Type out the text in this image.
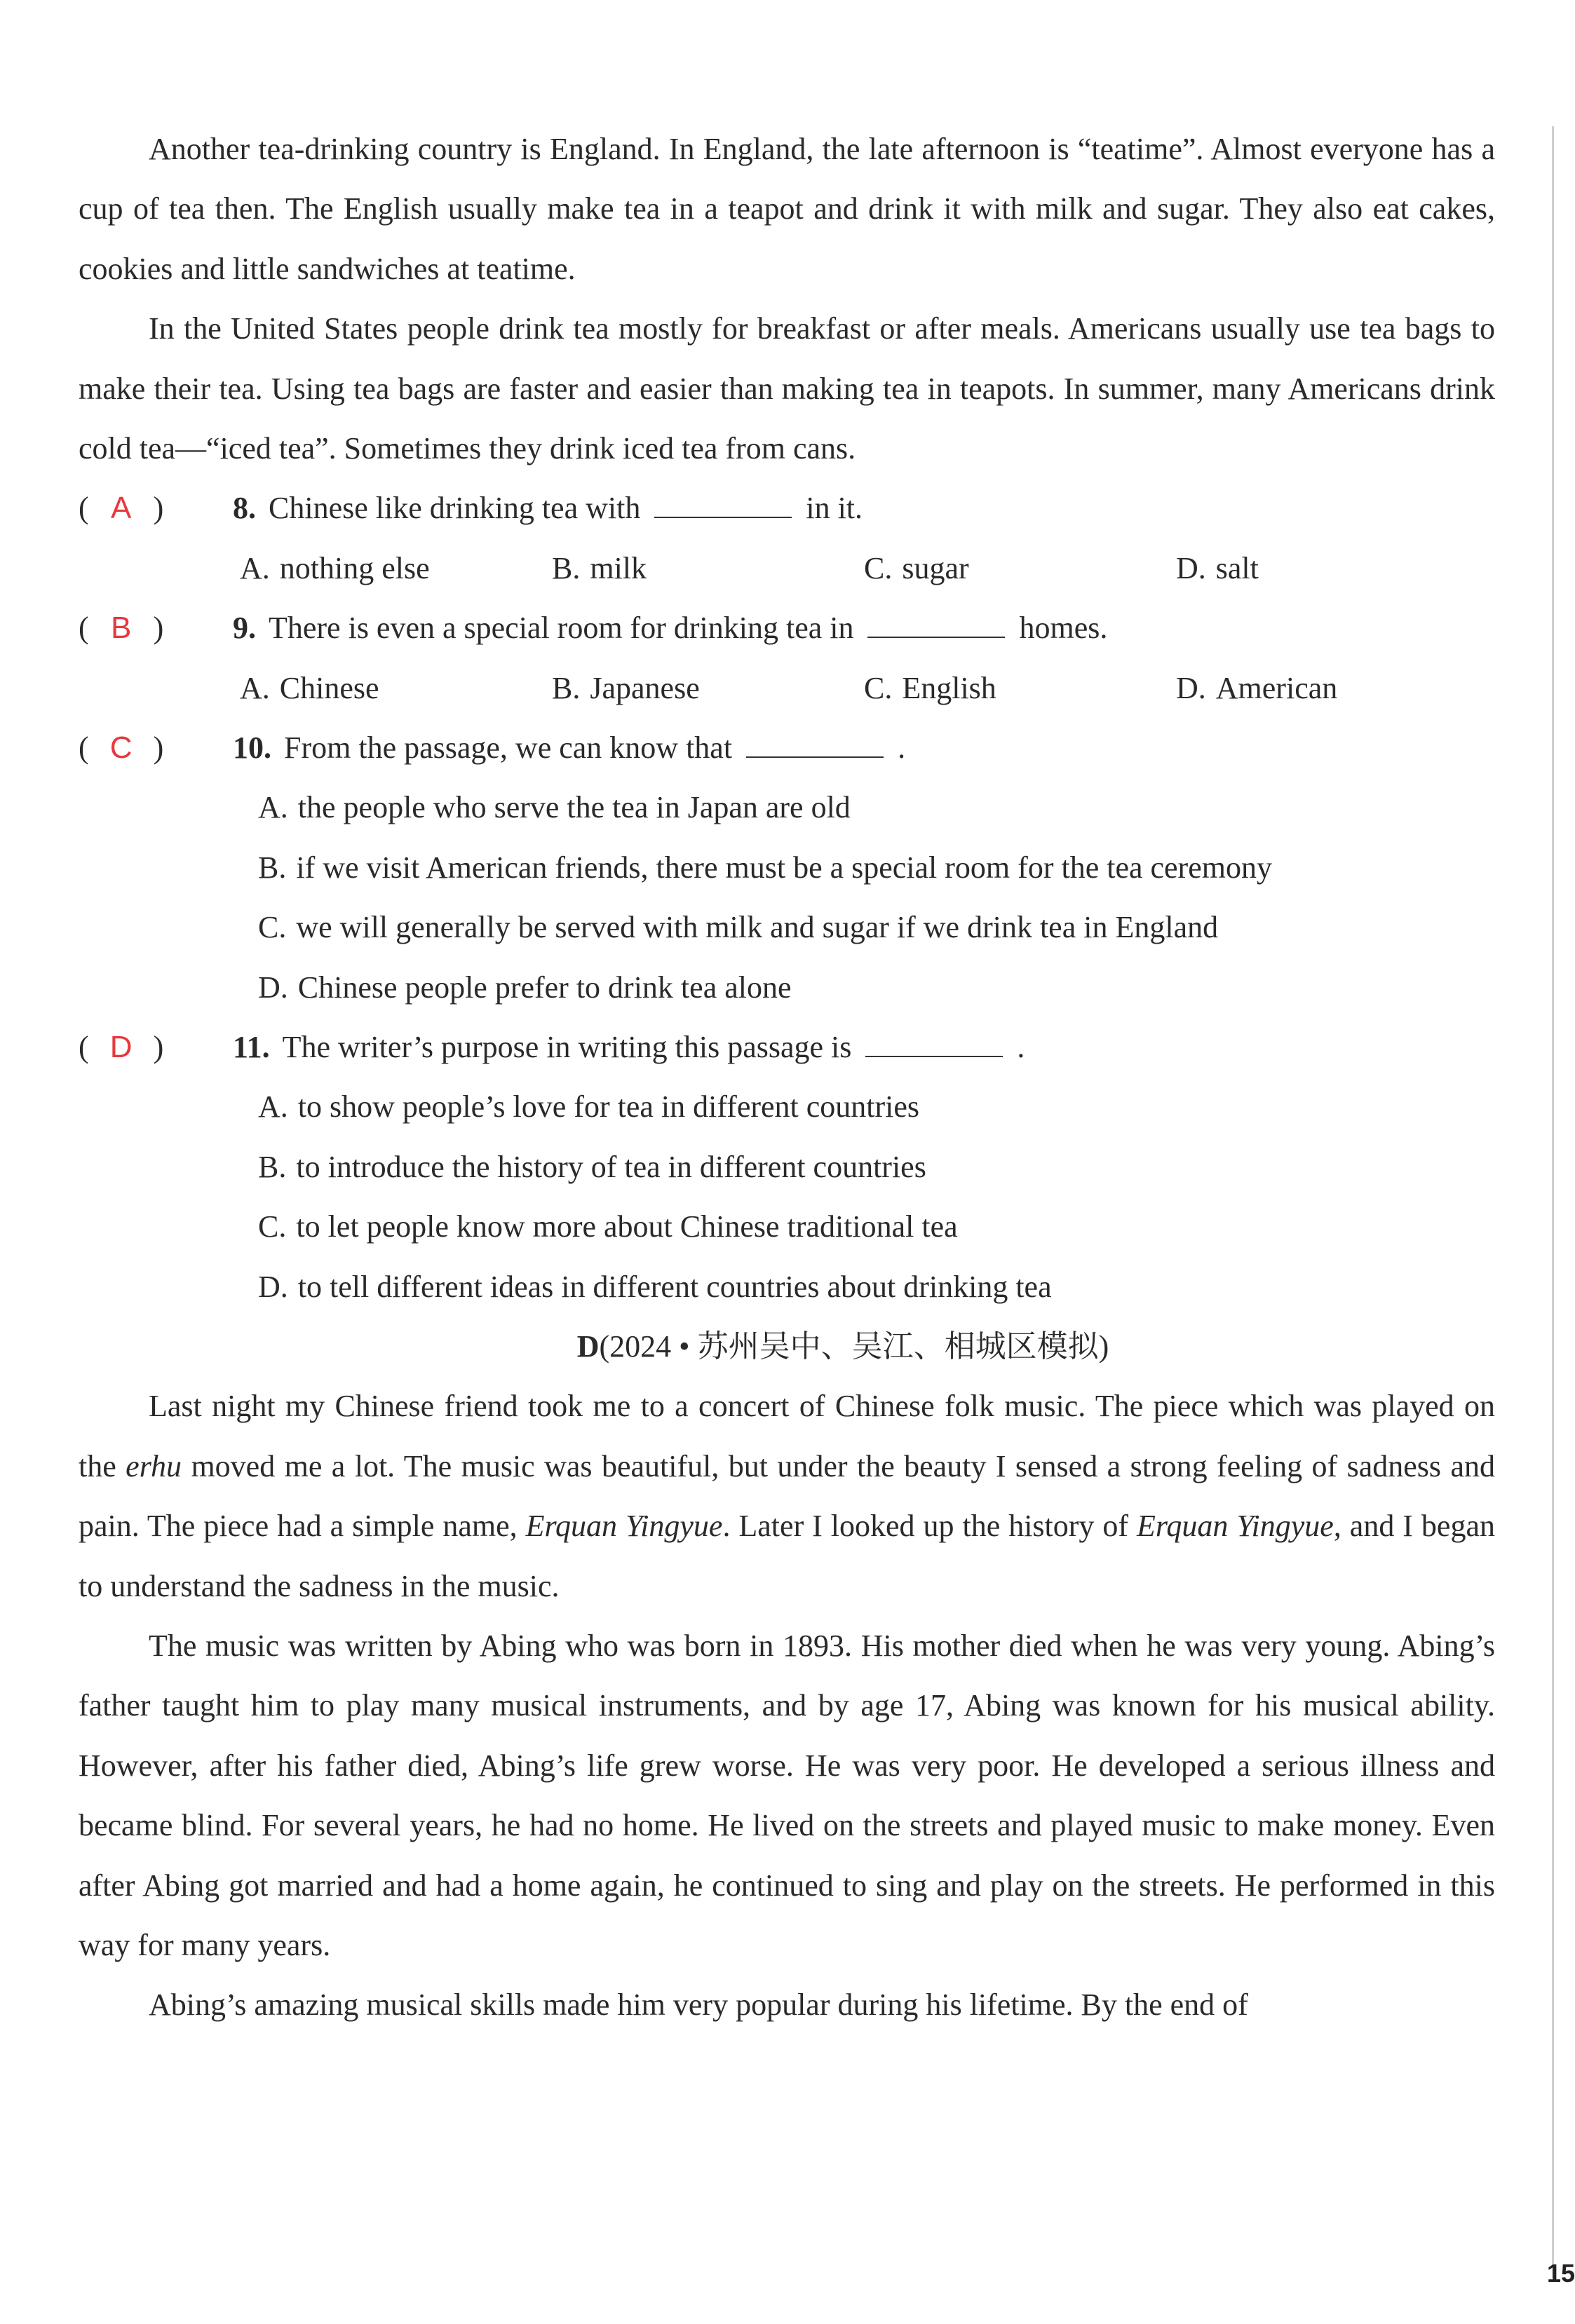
Another tea-drinking country is England. In England, the late afternoon is “teatime”. Almost everyone has a cup of tea then. The English usually make tea in a teapot and drink it with milk and sugar. They also eat cakes, cookies and little sandwiches at teatime.

In the United States people drink tea mostly for breakfast or after meals. Americans usually use tea bags to make their tea. Using tea bags are faster and easier than making tea in teapots. In summer, many Americans drink cold tea—“iced tea”. Sometimes they drink iced tea from cans.

( A )	8. Chinese like drinking tea with	in it.
A. nothing else	B. milk	C. sugar	D. salt
( B )	9. There is even a special room for drinking tea in	homes.
A. Chinese	B. Japanese	C. English	D. American
( C )	10. From the passage, we can know that	.
A. the people who serve the tea in Japan are old
B. if we visit American friends, there must be a special room for the tea ceremony
C. we will generally be served with milk and sugar if we drink tea in England
D. Chinese people prefer to drink tea alone
( D )	11. The writer’s purpose in writing this passage is	.
A. to show people’s love for tea in different countries
B. to introduce the history of tea in different countries
C. to let people know more about Chinese traditional tea
D. to tell different ideas in different countries about drinking tea
D(2024 • 苏州吴中、吴江、相城区模拟)

Last night my Chinese friend took me to a concert of Chinese folk music. The piece which was played on the erhu moved me a lot. The music was beautiful, but under the beauty I sensed a strong feeling of sadness and pain. The piece had a simple name, Erquan Yingyue. Later I looked up the history of Erquan Yingyue, and I began to understand the sadness in the music.

The music was written by Abing who was born in 1893. His mother died when he was very young. Abing’s father taught him to play many musical instruments, and by age 17, Abing was known for his musical ability. However, after his father died, Abing’s life grew worse. He was very poor. He developed a serious illness and became blind. For several years, he had no home. He lived on the streets and played music to make money. Even after Abing got married and had a home again, he continued to sing and play on the streets. He performed in this way for many years.

Abing’s amazing musical skills made him very popular during his lifetime. By the end of

15
